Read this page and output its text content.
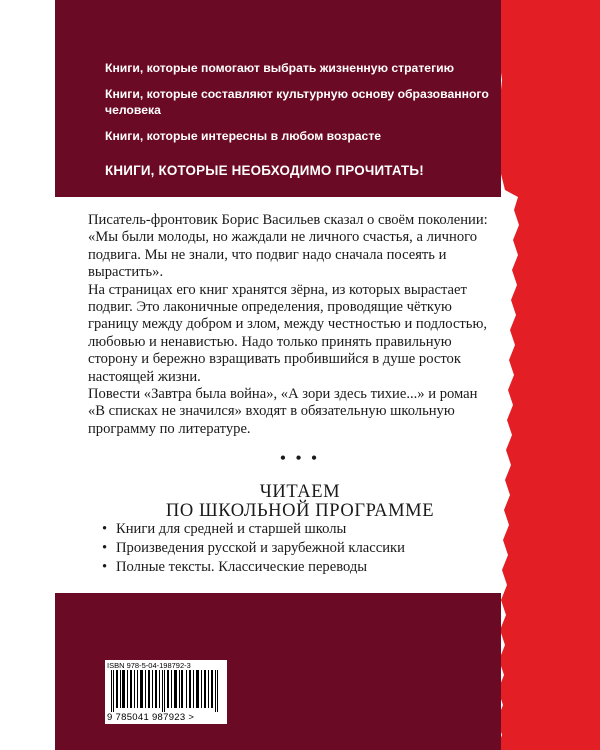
Книги, которые помогают выбрать жизненную стратегию

Книги, которые составляют культурную основу образованного человека

Книги, которые интересны в любом возрасте

КНИГИ, КОТОРЫЕ НЕОБХОДИМО ПРОЧИТАТЬ!

Писатель-фронтовик Борис Васильев сказал о своём поколении: «Мы были молоды, но жаждали не личного счастья, а личного подвига. Мы не знали, что подвиг надо сначала посеять и вырастить».

На страницах его книг хранятся зёрна, из которых вырастает подвиг. Это лаконичные определения, проводящие чёткую границу между добром и злом, между честностью и подлостью, любовью и ненавистью. Надо только принять правильную сторону и бережно взращивать пробившийся в душе росток настоящей жизни.

Повести «Завтра была война», «А зори здесь тихие...» и роман «В списках не значился» входят в обязательную школьную программу по литературе.

• • •
ЧИТАЕМ
ПО ШКОЛЬНОЙ ПРОГРАММЕ
• Книги для средней и старшей школы
• Произведения русской и зарубежной классики
• Полные тексты. Классические переводы
ISBN 978-5-04-198792-3
9 785041 987923 >
